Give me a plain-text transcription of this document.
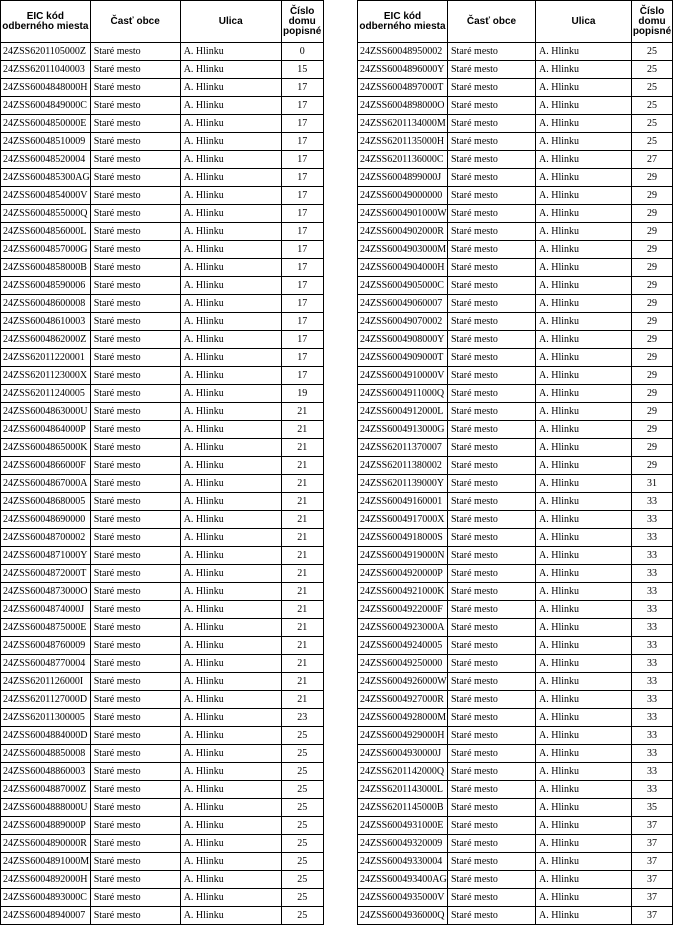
EIC kód odberného miesta	Časť obce	Ulica	Číslo domu popisné
24ZSS6201105000Z	Staré mesto	A. Hlinku	0
24ZSS62011040003	Staré mesto	A. Hlinku	15
24ZSS6004848000H	Staré mesto	A. Hlinku	17
24ZSS6004849000C	Staré mesto	A. Hlinku	17
24ZSS6004850000E	Staré mesto	A. Hlinku	17
24ZSS60048510009	Staré mesto	A. Hlinku	17
24ZSS60048520004	Staré mesto	A. Hlinku	17
24ZSS600485300AG	Staré mesto	A. Hlinku	17
24ZSS6004854000V	Staré mesto	A. Hlinku	17
24ZSS6004855000Q	Staré mesto	A. Hlinku	17
24ZSS6004856000L	Staré mesto	A. Hlinku	17
24ZSS6004857000G	Staré mesto	A. Hlinku	17
24ZSS6004858000B	Staré mesto	A. Hlinku	17
24ZSS60048590006	Staré mesto	A. Hlinku	17
24ZSS60048600008	Staré mesto	A. Hlinku	17
24ZSS60048610003	Staré mesto	A. Hlinku	17
24ZSS6004862000Z	Staré mesto	A. Hlinku	17
24ZSS62011220001	Staré mesto	A. Hlinku	17
24ZSS6201123000X	Staré mesto	A. Hlinku	17
24ZSS62011240005	Staré mesto	A. Hlinku	19
24ZSS6004863000U	Staré mesto	A. Hlinku	21
24ZSS6004864000P	Staré mesto	A. Hlinku	21
24ZSS6004865000K	Staré mesto	A. Hlinku	21
24ZSS6004866000F	Staré mesto	A. Hlinku	21
24ZSS6004867000A	Staré mesto	A. Hlinku	21
24ZSS60048680005	Staré mesto	A. Hlinku	21
24ZSS60048690000	Staré mesto	A. Hlinku	21
24ZSS60048700002	Staré mesto	A. Hlinku	21
24ZSS6004871000Y	Staré mesto	A. Hlinku	21
24ZSS6004872000T	Staré mesto	A. Hlinku	21
24ZSS6004873000O	Staré mesto	A. Hlinku	21
24ZSS6004874000J	Staré mesto	A. Hlinku	21
24ZSS6004875000E	Staré mesto	A. Hlinku	21
24ZSS60048760009	Staré mesto	A. Hlinku	21
24ZSS60048770004	Staré mesto	A. Hlinku	21
24ZSS6201126000I	Staré mesto	A. Hlinku	21
24ZSS6201127000D	Staré mesto	A. Hlinku	21
24ZSS62011300005	Staré mesto	A. Hlinku	23
24ZSS6004884000D	Staré mesto	A. Hlinku	25
24ZSS60048850008	Staré mesto	A. Hlinku	25
24ZSS60048860003	Staré mesto	A. Hlinku	25
24ZSS6004887000Z	Staré mesto	A. Hlinku	25
24ZSS6004888000U	Staré mesto	A. Hlinku	25
24ZSS6004889000P	Staré mesto	A. Hlinku	25
24ZSS6004890000R	Staré mesto	A. Hlinku	25
24ZSS6004891000M	Staré mesto	A. Hlinku	25
24ZSS6004892000H	Staré mesto	A. Hlinku	25
24ZSS6004893000C	Staré mesto	A. Hlinku	25
24ZSS60048940007	Staré mesto	A. Hlinku	25
EIC kód odberného miesta	Časť obce	Ulica	Číslo domu popisné
24ZSS60048950002	Staré mesto	A. Hlinku	25
24ZSS6004896000Y	Staré mesto	A. Hlinku	25
24ZSS6004897000T	Staré mesto	A. Hlinku	25
24ZSS6004898000O	Staré mesto	A. Hlinku	25
24ZSS6201134000M	Staré mesto	A. Hlinku	25
24ZSS6201135000H	Staré mesto	A. Hlinku	25
24ZSS6201136000C	Staré mesto	A. Hlinku	27
24ZSS6004899000J	Staré mesto	A. Hlinku	29
24ZSS60049000000	Staré mesto	A. Hlinku	29
24ZSS6004901000W	Staré mesto	A. Hlinku	29
24ZSS6004902000R	Staré mesto	A. Hlinku	29
24ZSS6004903000M	Staré mesto	A. Hlinku	29
24ZSS6004904000H	Staré mesto	A. Hlinku	29
24ZSS6004905000C	Staré mesto	A. Hlinku	29
24ZSS60049060007	Staré mesto	A. Hlinku	29
24ZSS60049070002	Staré mesto	A. Hlinku	29
24ZSS6004908000Y	Staré mesto	A. Hlinku	29
24ZSS6004909000T	Staré mesto	A. Hlinku	29
24ZSS6004910000V	Staré mesto	A. Hlinku	29
24ZSS6004911000Q	Staré mesto	A. Hlinku	29
24ZSS6004912000L	Staré mesto	A. Hlinku	29
24ZSS6004913000G	Staré mesto	A. Hlinku	29
24ZSS62011370007	Staré mesto	A. Hlinku	29
24ZSS62011380002	Staré mesto	A. Hlinku	29
24ZSS6201139000Y	Staré mesto	A. Hlinku	31
24ZSS60049160001	Staré mesto	A. Hlinku	33
24ZSS6004917000X	Staré mesto	A. Hlinku	33
24ZSS6004918000S	Staré mesto	A. Hlinku	33
24ZSS6004919000N	Staré mesto	A. Hlinku	33
24ZSS6004920000P	Staré mesto	A. Hlinku	33
24ZSS6004921000K	Staré mesto	A. Hlinku	33
24ZSS6004922000F	Staré mesto	A. Hlinku	33
24ZSS6004923000A	Staré mesto	A. Hlinku	33
24ZSS60049240005	Staré mesto	A. Hlinku	33
24ZSS60049250000	Staré mesto	A. Hlinku	33
24ZSS6004926000W	Staré mesto	A. Hlinku	33
24ZSS6004927000R	Staré mesto	A. Hlinku	33
24ZSS6004928000M	Staré mesto	A. Hlinku	33
24ZSS6004929000H	Staré mesto	A. Hlinku	33
24ZSS6004930000J	Staré mesto	A. Hlinku	33
24ZSS6201142000Q	Staré mesto	A. Hlinku	33
24ZSS6201143000L	Staré mesto	A. Hlinku	33
24ZSS6201145000B	Staré mesto	A. Hlinku	35
24ZSS6004931000E	Staré mesto	A. Hlinku	37
24ZSS60049320009	Staré mesto	A. Hlinku	37
24ZSS60049330004	Staré mesto	A. Hlinku	37
24ZSS600493400AG	Staré mesto	A. Hlinku	37
24ZSS6004935000V	Staré mesto	A. Hlinku	37
24ZSS6004936000Q	Staré mesto	A. Hlinku	37
